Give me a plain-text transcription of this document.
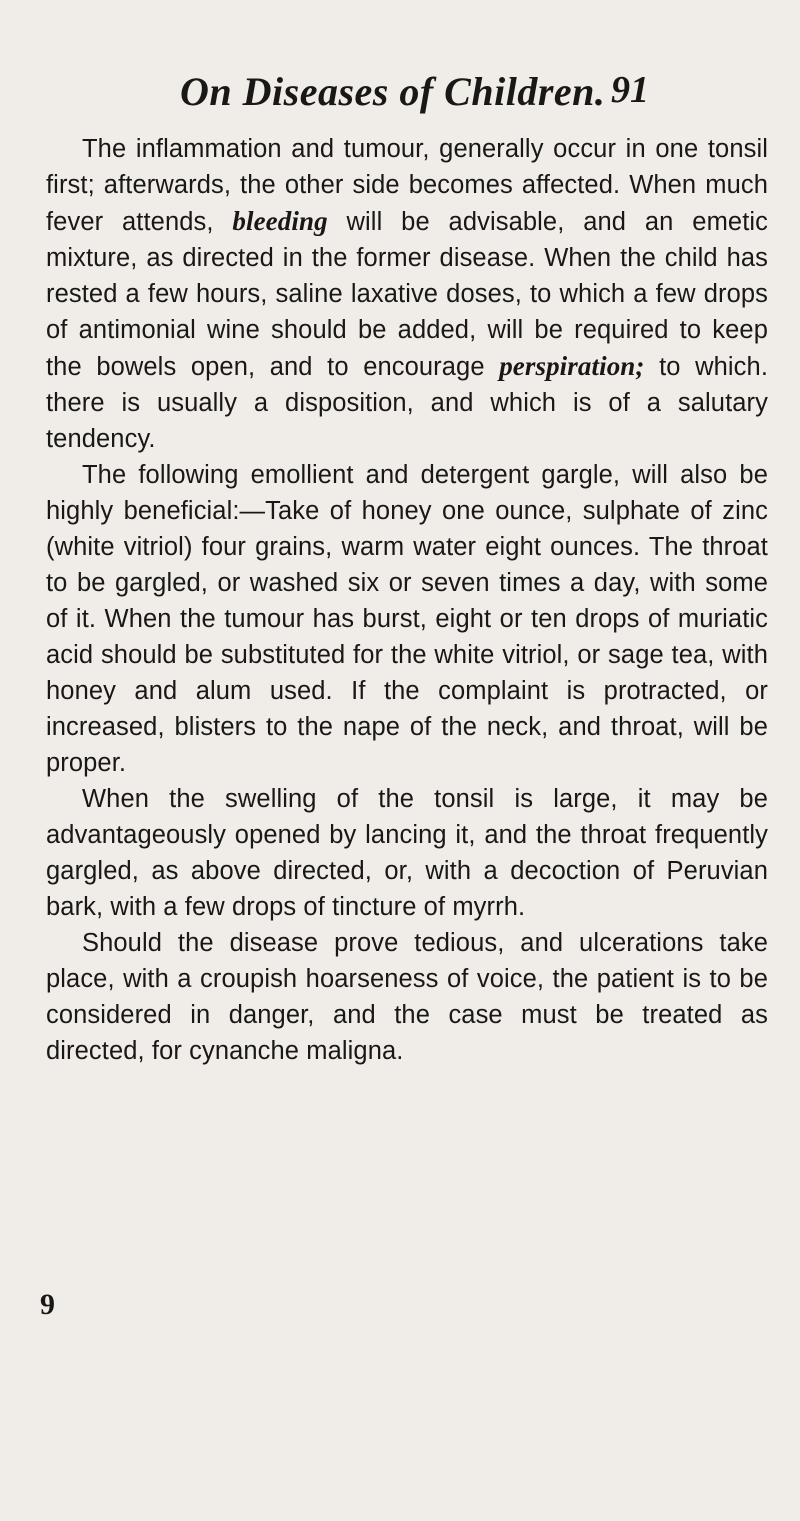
On Diseases of Children. 91

The inflammation and tumour, generally occur in one tonsil first; afterwards, the other side becomes affected. When much fever attends, bleeding will be advisable, and an emetic mixture, as directed in the former disease. When the child has rested a few hours, saline laxative doses, to which a few drops of antimonial wine should be added, will be required to keep the bowels open, and to encourage perspiration; to which. there is usually a disposition, and which is of a salutary tendency.

The following emollient and detergent gargle, will also be highly beneficial:—Take of honey one ounce, sulphate of zinc (white vitriol) four grains, warm water eight ounces. The throat to be gargled, or washed six or seven times a day, with some of it. When the tumour has burst, eight or ten drops of muriatic acid should be substituted for the white vitriol, or sage tea, with honey and alum used. If the complaint is protracted, or increased, blisters to the nape of the neck, and throat, will be proper.

When the swelling of the tonsil is large, it may be advantageously opened by lancing it, and the throat frequently gargled, as above directed, or, with a decoction of Peruvian bark, with a few drops of tincture of myrrh.

Should the disease prove tedious, and ulcerations take place, with a croupish hoarseness of voice, the patient is to be considered in danger, and the case must be treated as directed, for cynanche maligna.

9
